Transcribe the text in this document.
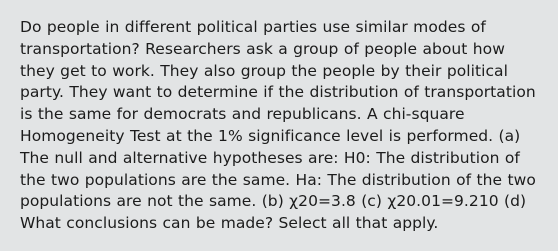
Do people in different political parties use similar modes of transportation? Researchers ask a group of people about how they get to work. They also group the people by their political party. They want to determine if the distribution of transportation is the same for democrats and republicans. A chi-square Homogeneity Test at the 1% significance level is performed. (a) The null and alternative hypotheses are: H0: The distribution of the two populations are the same. Ha: The distribution of the two populations are not the same. (b) χ20=3.8 (c) χ20.01=9.210 (d) What conclusions can be made? Select all that apply.
